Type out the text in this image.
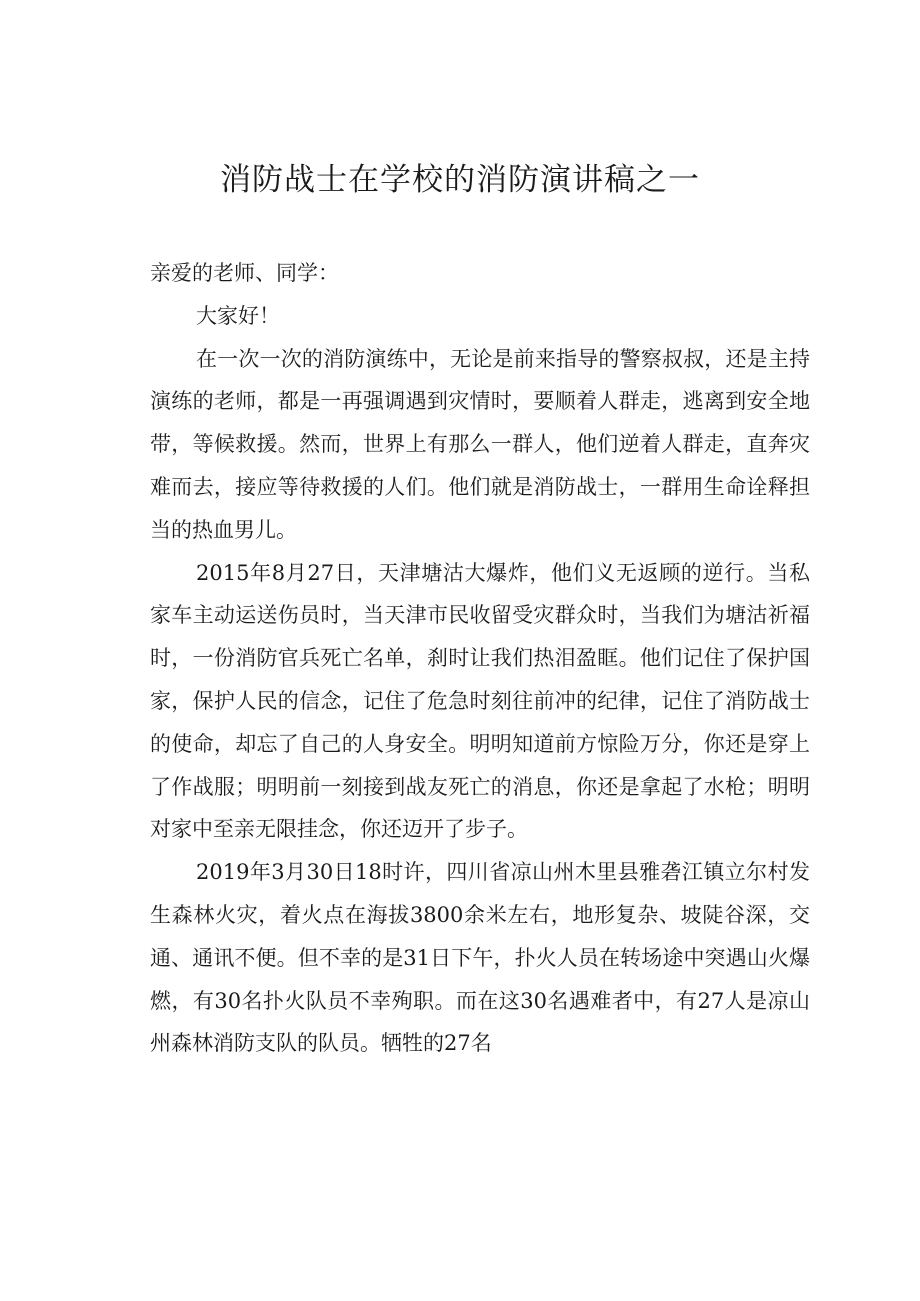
消防战士在学校的消防演讲稿之一

亲爱的老师、同学：

大家好！

在一次一次的消防演练中，无论是前来指导的警察叔叔，还是主持演练的老师，都是一再强调遇到灾情时，要顺着人群走，逃离到安全地带，等候救援。然而，世界上有那么一群人，他们逆着人群走，直奔灾难而去，接应等待救援的人们。他们就是消防战士，一群用生命诠释担当的热血男儿。

2015年8月27日，天津塘沽大爆炸，他们义无返顾的逆行。当私家车主动运送伤员时，当天津市民收留受灾群众时，当我们为塘沽祈福时，一份消防官兵死亡名单，刹时让我们热泪盈眶。他们记住了保护国家，保护人民的信念，记住了危急时刻往前冲的纪律，记住了消防战士的使命，却忘了自己的人身安全。明明知道前方惊险万分，你还是穿上了作战服；明明前一刻接到战友死亡的消息，你还是拿起了水枪；明明对家中至亲无限挂念，你还迈开了步子。

2019年3月30日18时许，四川省凉山州木里县雅砻江镇立尔村发生森林火灾，着火点在海拔3800余米左右，地形复杂、坡陡谷深，交通、通讯不便。但不幸的是31日下午，扑火人员在转场途中突遇山火爆燃，有30名扑火队员不幸殉职。而在这30名遇难者中，有27人是凉山州森林消防支队的队员。牺牲的27名
